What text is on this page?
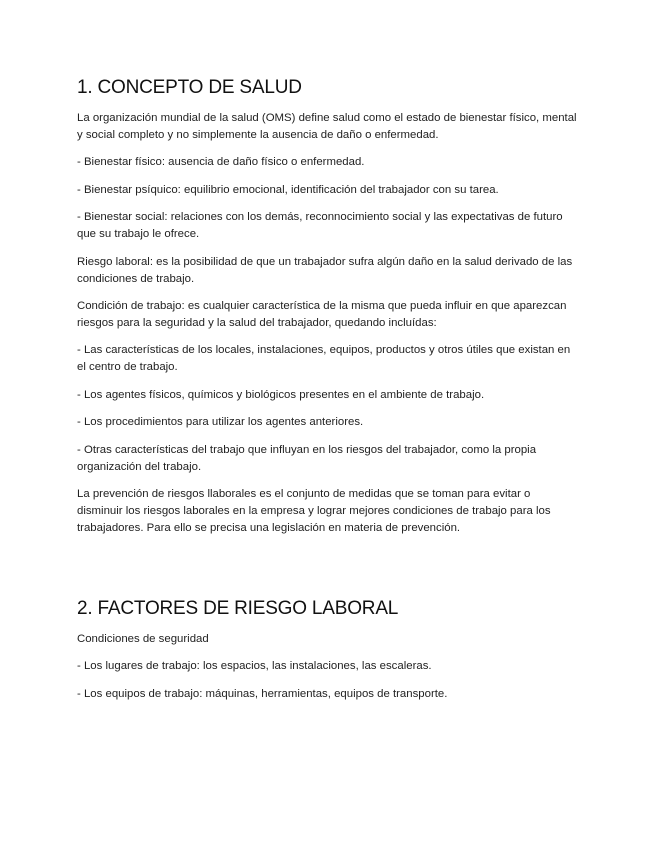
1. CONCEPTO DE SALUD

La organización mundial de la salud (OMS) define salud como el estado de bienestar físico, mental y social completo y no simplemente la ausencia de daño o enfermedad.

- Bienestar físico: ausencia de daño físico o enfermedad.

- Bienestar psíquico: equilibrio emocional, identificación del trabajador con su tarea.

- Bienestar social: relaciones con los demás, reconnocimiento social y las expectativas de futuro que su trabajo le ofrece.

Riesgo laboral: es la posibilidad de que un trabajador sufra algún daño en la salud derivado de las condiciones de trabajo.

Condición de trabajo: es cualquier característica de la misma que pueda influir en que aparezcan riesgos para la seguridad y la salud del trabajador, quedando incluídas:

- Las características de los locales, instalaciones, equipos, productos y otros útiles que existan en el centro de trabajo.

- Los agentes físicos, químicos y biológicos presentes en el ambiente de trabajo.

- Los procedimientos para utilizar los agentes anteriores.

- Otras características del trabajo que influyan en los riesgos del trabajador, como la propia organización del trabajo.

La prevención de riesgos llaborales es el conjunto de medidas que se toman para evitar o disminuir los riesgos laborales en la empresa y lograr mejores condiciones de trabajo para los trabajadores. Para ello se precisa una legislación en materia de prevención.

2. FACTORES DE RIESGO LABORAL

Condiciones de seguridad

- Los lugares de trabajo: los espacios, las instalaciones, las escaleras.

- Los equipos de trabajo: máquinas, herramientas, equipos de transporte.
